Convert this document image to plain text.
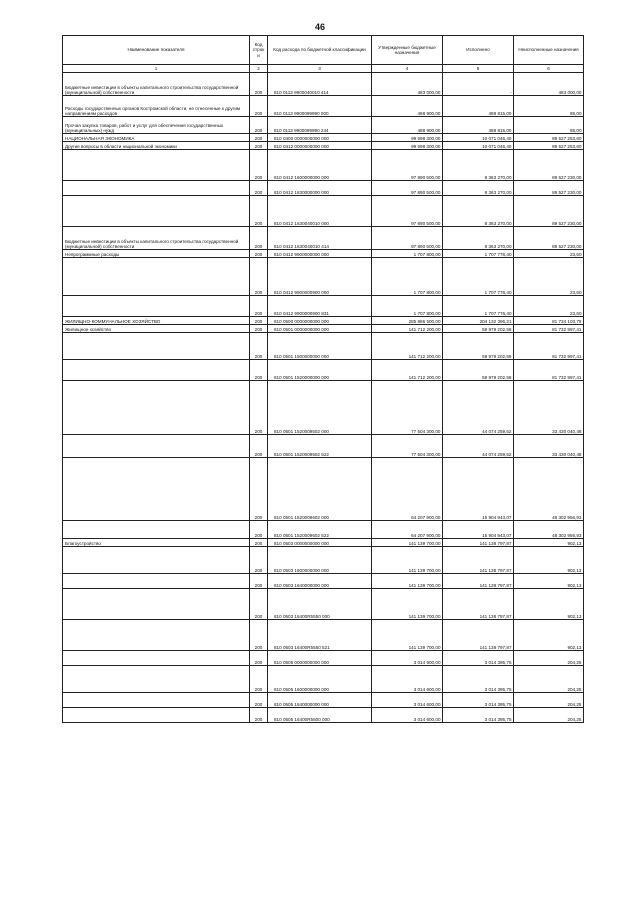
46
Наименование показателя	Код строк и	Код расхода по бюджетной классификации	Утвержденные бюджетные назначения	Исполнено	Неисполненные назначения
1	2	3	4	5	6
Бюджетные инвестиции в объекты капитального строительства государственной (муниципальной) собственности	200	810 0113 9900040010 414	483 000,00	-	483 000,00
Расходы государственных органов Костромской области, не отнесенные к другим направлениям расходов	200	810 0113 9900099990 000	488 900,00	488 815,00	85,00
Прочая закупка товаров, работ и услуг для обеспечения государственных (муниципальных) нужд	200	810 0113 9900099990 244	488 900,00	488 815,00	85,00
НАЦИОНАЛЬНАЯ ЭКОНОМИКА	200	810 0400 0000000000 000	99 598 300,00	10 071 046,40	89 527 253,60
Другие вопросы в области национальной экономики	200	810 0412 0000000000 000	99 598 300,00	10 071 046,40	89 527 253,60
	200	810 0412 1600000000 000	97 890 500,00	8 363 270,00	89 527 230,00
	200	810 0412 1630000000 000	97 890 500,00	8 363 270,00	89 527 230,00
	200	810 0412 1630040010 000	97 890 500,00	8 363 270,00	89 527 230,00
Бюджетные инвестиции в объекты капитального строительства государственной (муниципальной) собственности	200	810 0412 1630040010 414	97 890 500,00	8 363 270,00	89 527 230,00
Непрограммные расходы	200	810 0412 9900000000 000	1 707 800,00	1 707 776,40	23,60
	200	810 0412 9900000900 000	1 707 800,00	1 707 776,40	23,60
	200	810 0412 9900000900 831	1 707 800,00	1 707 776,40	23,60
ЖИЛИЩНО-КОММУНАЛЬНОЕ ХОЗЯЙСТВО	200	810 0500 0000000000 000	285 886 500,00	204 132 396,21	81 734 103,79
Жилищное хозяйство	200	810 0501 0000000000 000	141 712 200,00	59 979 202,59	81 732 997,41
	200	810 0501 1500000000 000	141 712 200,00	59 979 202,59	81 732 997,41
	200	810 0501 1520000000 000	141 712 200,00	59 979 202,59	81 732 997,41
	200	810 0501 1520009502 000	77 504 300,00	44 074 259,52	33 430 040,48
	200	810 0501 1520009502 522	77 504 300,00	44 074 259,52	33 430 040,48
	200	810 0501 1520009602 000	64 207 900,00	15 904 943,07	48 302 956,93
	200	810 0501 1520009602 522	64 207 900,00	15 904 943,07	48 302 956,93
Благоустройство	200	810 0503 0000000000 000	141 139 700,00	141 138 797,87	902,13
	200	810 0503 1600000000 000	141 139 700,00	141 138 797,87	902,13
	200	810 0503 1640000000 000	141 139 700,00	141 138 797,87	902,13
	200	810 0503 16400R5550 000	141 139 700,00	141 138 797,87	902,13
	200	810 0503 16400R5550 521	141 139 700,00	141 138 797,87	902,13
	200	810 0505 0000000000 000	3 014 600,00	3 014 395,75	204,25
	200	810 0505 1600000000 000	3 014 600,00	3 014 395,75	204,25
	200	810 0505 1640000000 000	3 014 600,00	3 014 395,75	204,25
	200	810 0505 16400R5600 000	3 014 600,00	3 014 395,75	204,25
